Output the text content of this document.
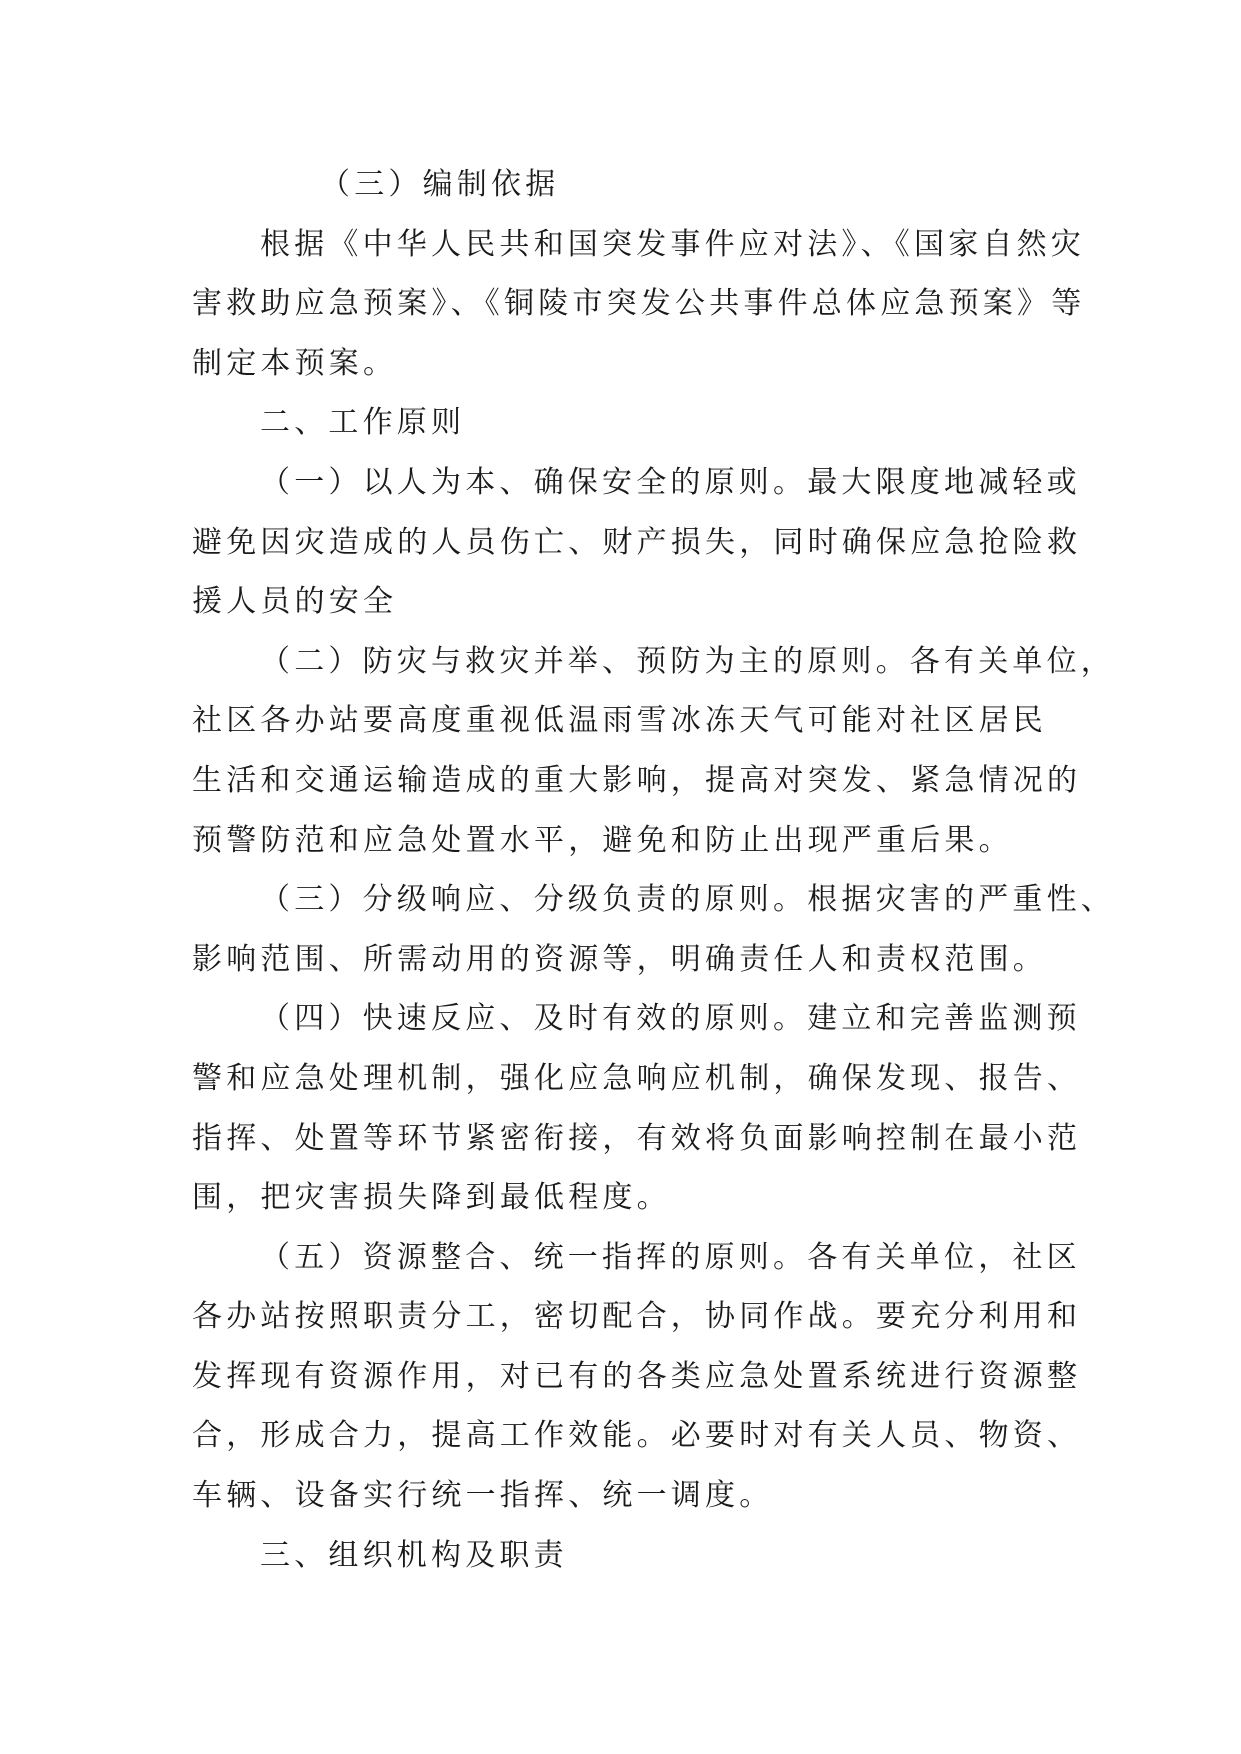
（三）编制依据
根据《中华人民共和国突发事件应对法》、《国家自然灾
害救助应急预案》、《铜陵市突发公共事件总体应急预案》等
制定本预案。
二、工作原则
（一）以人为本、确保安全的原则。最大限度地减轻或
避免因灾造成的人员伤亡、财产损失，同时确保应急抢险救
援人员的安全
（二）防灾与救灾并举、预防为主的原则。各有关单位，
社区各办站要高度重视低温雨雪冰冻天气可能对社区居民
生活和交通运输造成的重大影响，提高对突发、紧急情况的
预警防范和应急处置水平，避免和防止出现严重后果。
（三）分级响应、分级负责的原则。根据灾害的严重性、
影响范围、所需动用的资源等，明确责任人和责权范围。
（四）快速反应、及时有效的原则。建立和完善监测预
警和应急处理机制，强化应急响应机制，确保发现、报告、
指挥、处置等环节紧密衔接，有效将负面影响控制在最小范
围，把灾害损失降到最低程度。
（五）资源整合、统一指挥的原则。各有关单位，社区
各办站按照职责分工，密切配合，协同作战。要充分利用和
发挥现有资源作用，对已有的各类应急处置系统进行资源整
合，形成合力，提高工作效能。必要时对有关人员、物资、
车辆、设备实行统一指挥、统一调度。
三、组织机构及职责
